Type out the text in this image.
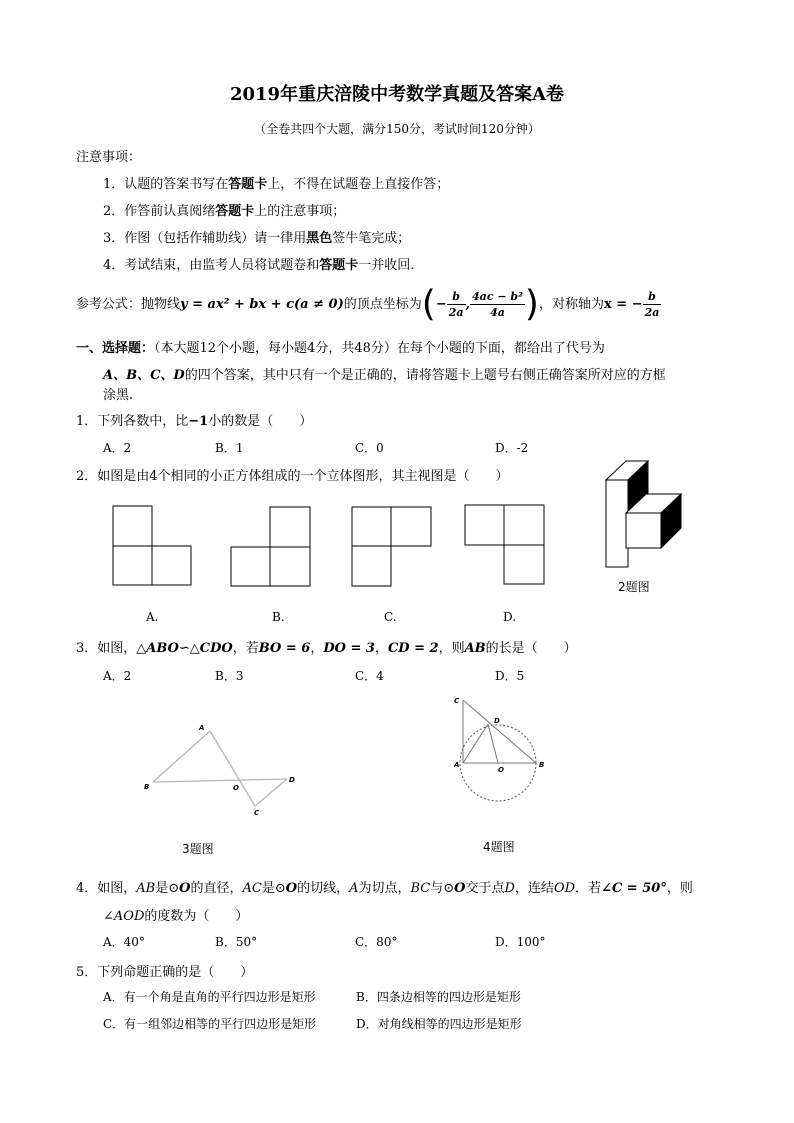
2019年重庆涪陵中考数学真题及答案A卷
（全卷共四个大题，满分150分，考试时间120分钟）
注意事项：
1．认题的答案书写在答题卡上，不得在试题卷上直接作答；
2．作答前认真阅绪答题卡上的注意事项；
3．作图（包括作辅助线）请一律用黑色签牛笔完成；
4．考试结束，由监考人员将试题卷和答题卡一并收回.
参考公式：抛物线y = ax² + bx + c(a ≠ 0)的顶点坐标为(− $\frac{b}{2a}$ , $\frac{\text{4ac − b²}}{4a}$ )，对称轴为x = − $\frac{b}{2a}$
一、选择题：（本大题12个小题，每小题4分，共48分）在每个小题的下面，都给出了代号为
A、B、C、D的四个答案，其中只有一个是正确的，请将答题卡上题号右侧正确答案所对应的方框
涂黑.
1．下列各数中，比−1小的数是（　　）
A．2	B．1	C．0	D．-2
2．如图是由4个相同的小正方体组成的一个立体图形，其主视图是（　　）
A.	B.	C.	D.
2题图
3．如图，△ABO∽△CDO，若BO = 6，DO = 3，CD = 2，则AB的长是（　　）
A．2	B．3	C．4	D．5
A
B	O
C
D
3题图
C
D
A
O
B
4题图
4．如图，AB是⊙O的直径，AC是⊙O的切线，A为切点，BC与⊙O交于点D，连结OD．若∠C = 50°，则
∠AOD的度数为（　　）
A．40°	B．50°	C．80°	D．100°
5．下列命题正确的是（　　）
A．有一个角是直角的平行四边形是矩形	B．四条边相等的四边形是矩形
C．有一组邻边相等的平行四边形是矩形	D．对角线相等的四边形是矩形
